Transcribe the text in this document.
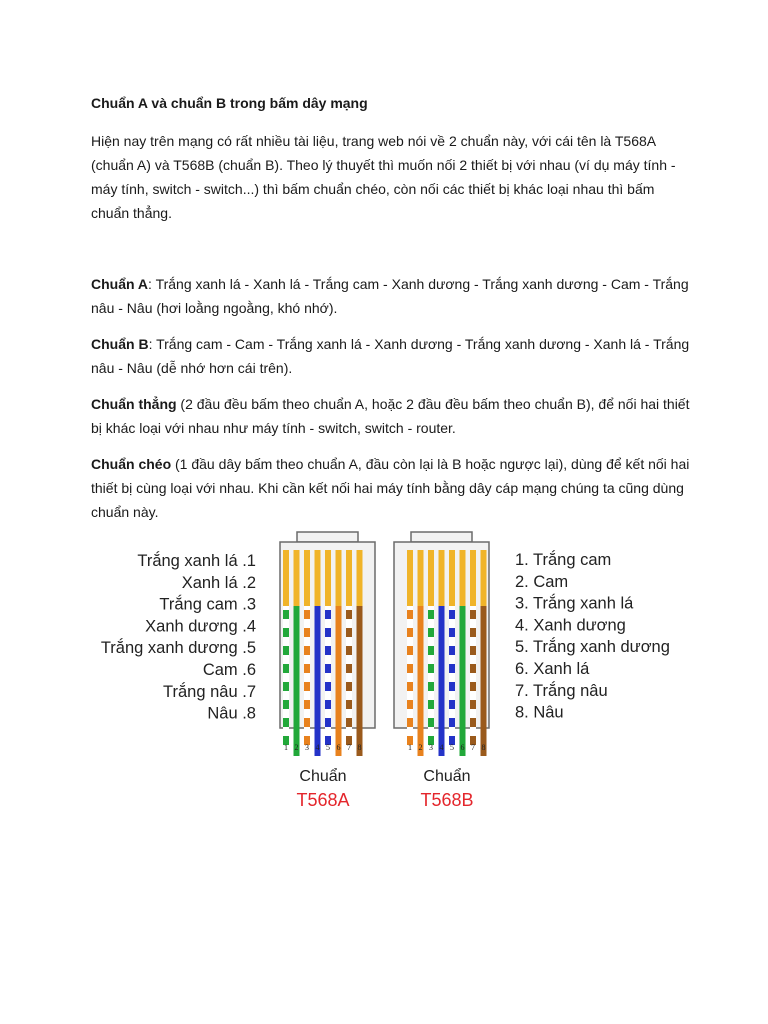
Chuẩn A và chuẩn B trong bấm dây mạng

Hiện nay trên mạng có rất nhiều tài liệu, trang web nói về 2 chuẩn này, với cái tên là T568A (chuẩn A) và T568B (chuẩn B). Theo lý thuyết thì muốn nối 2 thiết bị với nhau (ví dụ máy tính - máy tính, switch - switch...) thì bấm chuẩn chéo, còn nối các thiết bị khác loại nhau thì bấm chuẩn thẳng.

Chuẩn A: Trắng xanh lá - Xanh lá - Trắng cam - Xanh dương - Trắng xanh dương - Cam - Trắng nâu - Nâu (hơi loằng ngoằng, khó nhớ).

Chuẩn B: Trắng cam - Cam - Trắng xanh lá - Xanh dương - Trắng xanh dương - Xanh lá - Trắng nâu - Nâu (dễ nhớ hơn cái trên).

Chuẩn thẳng (2 đầu đều bấm theo chuẩn A, hoặc 2 đầu đều bấm theo chuẩn B), để nối hai thiết bị khác loại với nhau như máy tính - switch, switch - router.

Chuẩn chéo (1 đầu dây bấm theo chuẩn A, đầu còn lại là B hoặc ngược lại), dùng để kết nối hai thiết bị cùng loại với nhau. Khi cần kết nối hai máy tính bằng dây cáp mạng chúng ta cũng dùng chuẩn này.

Trắng xanh lá .1
Xanh lá .2
Trắng cam .3
Xanh dương .4
Trắng xanh dương .5
Cam .6
Trắng nâu .7
Nâu .8
1. Trắng cam
2. Cam
3. Trắng xanh lá
4. Xanh dương
5. Trắng xanh dương
6. Xanh lá
7. Trắng nâu
8. Nâu
1 2 3 4 5 6 7 8
Chuẩn
T568A
1 2 3 4 5 6 7 8
Chuẩn
T568B
